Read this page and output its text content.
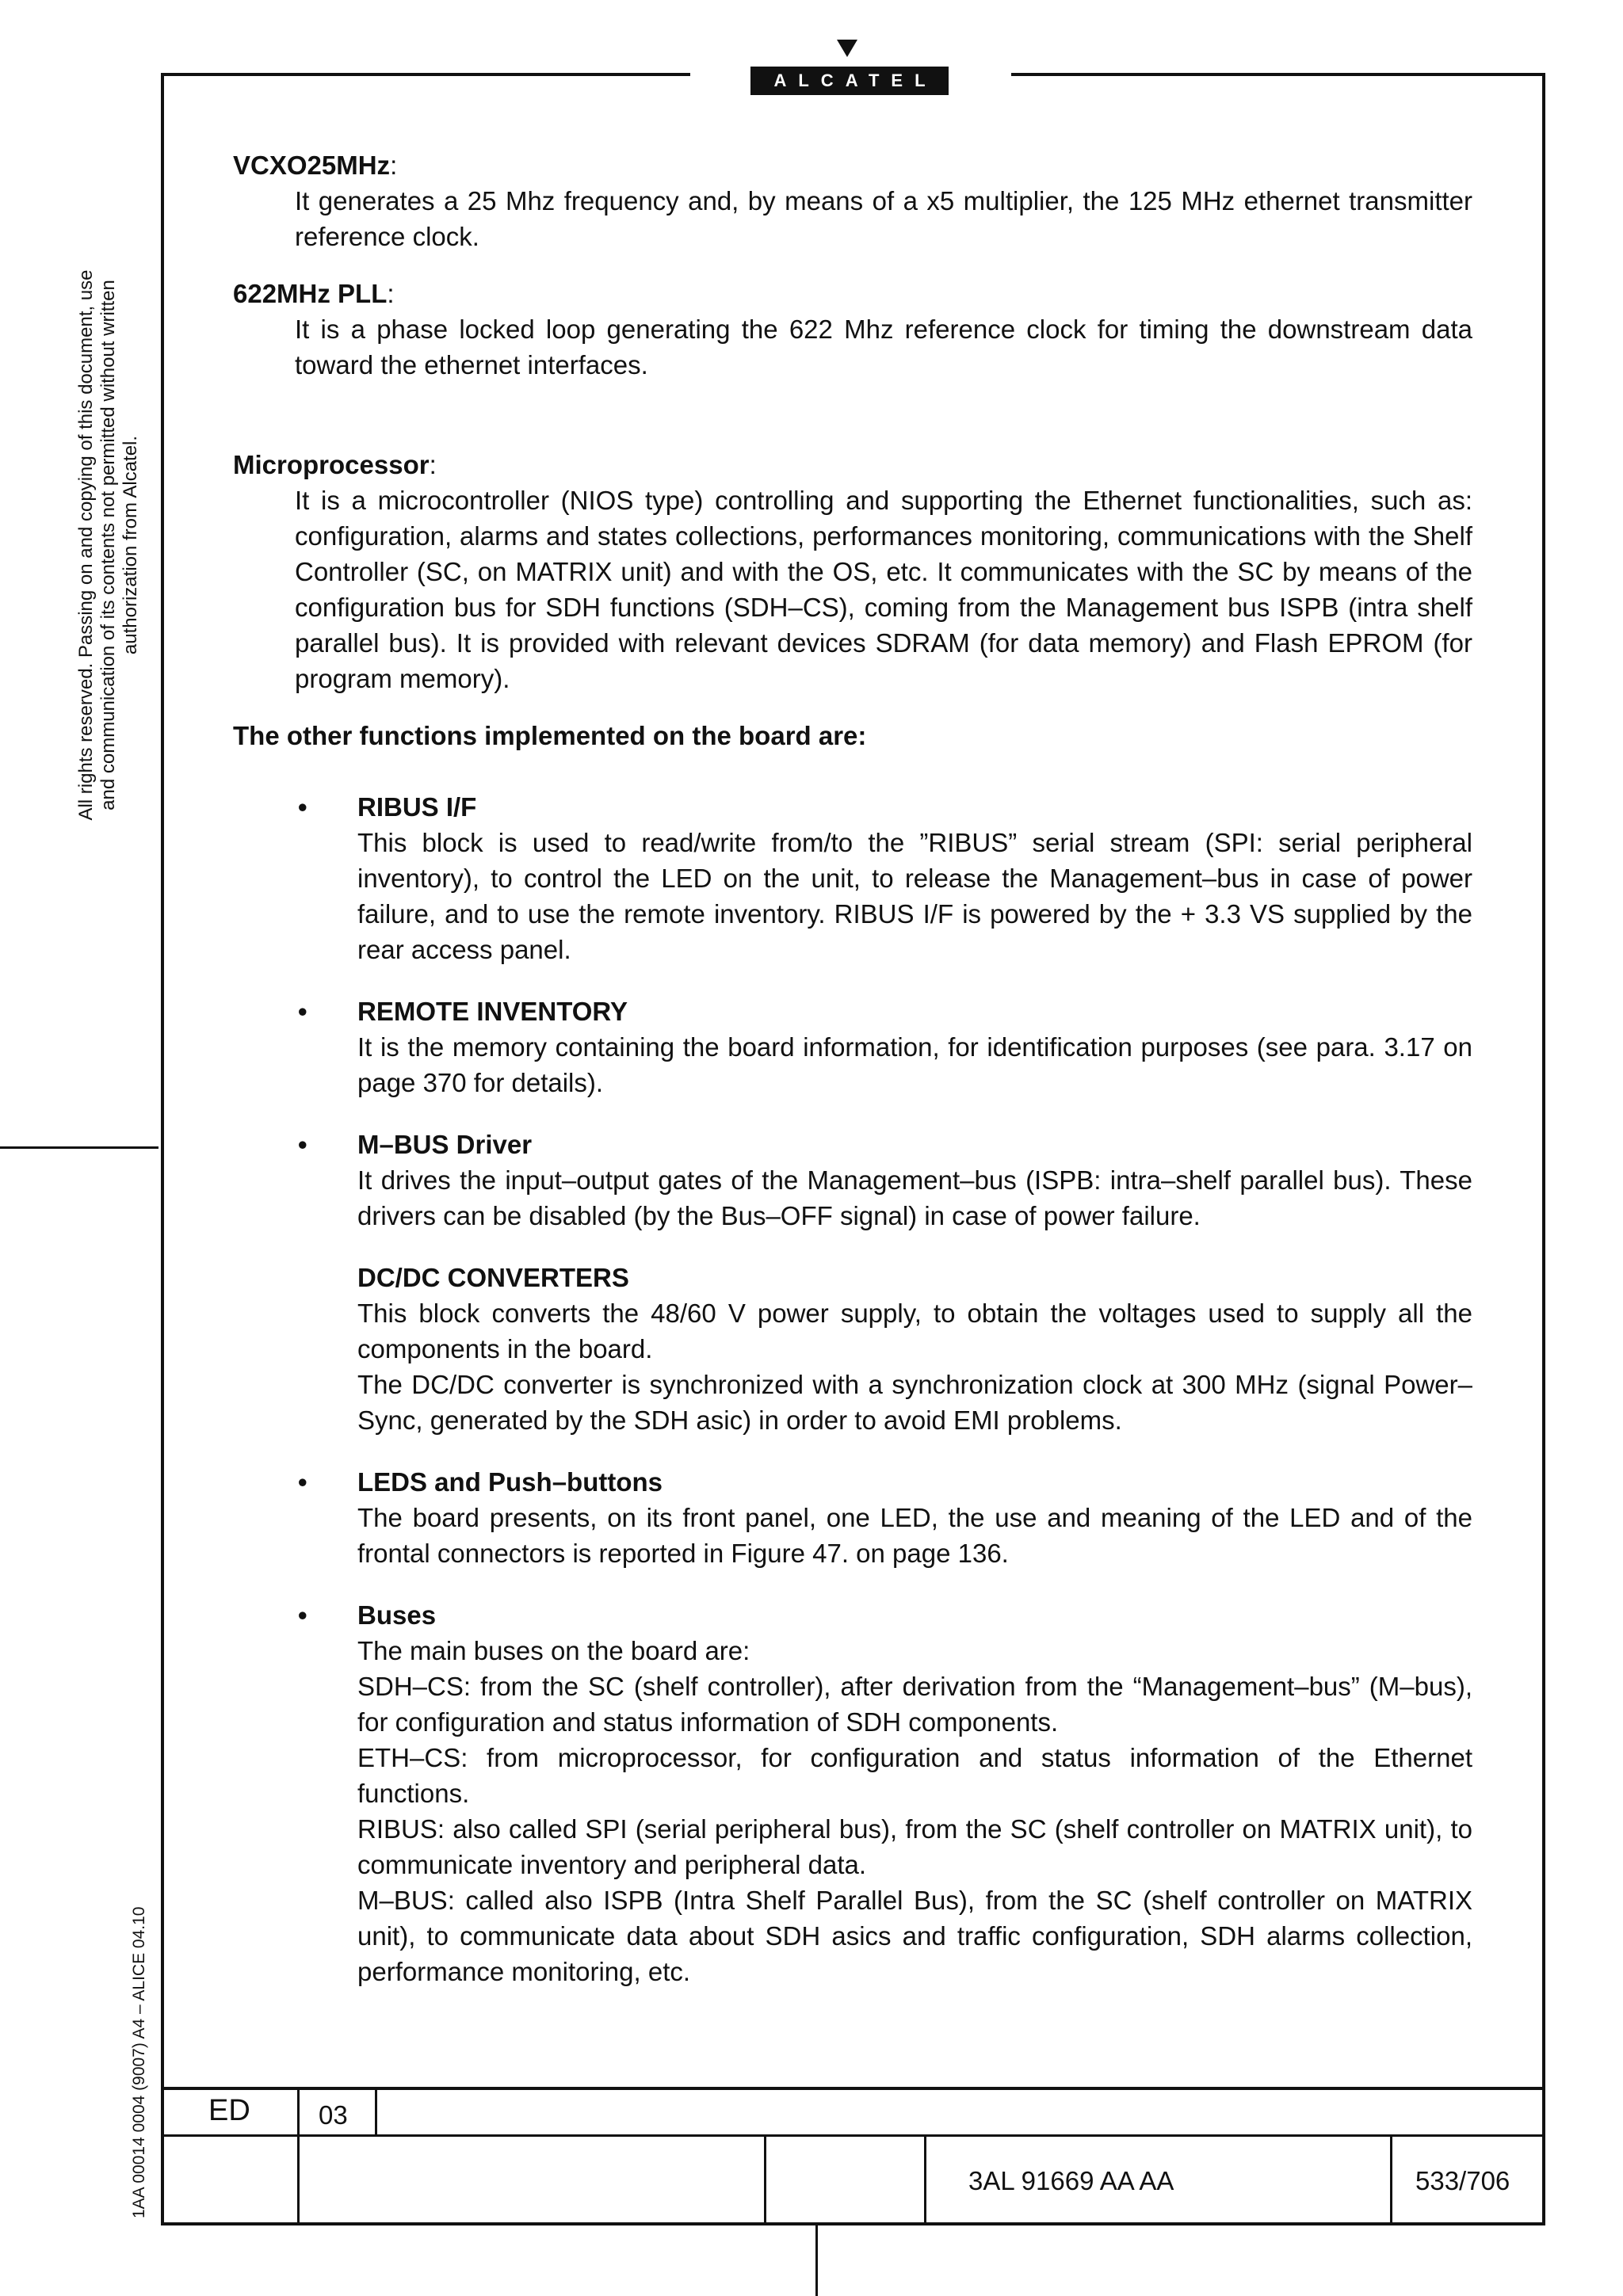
ALCATEL
All rights reserved. Passing on and copying of this document, use and communication of its contents not permitted without written authorization from Alcatel.
1AA 00014 0004 (9007) A4 – ALICE 04.10
VCXO25MHz:
It generates a 25 Mhz frequency and, by means of a x5 multiplier, the 125 MHz ethernet transmitter reference clock.
622MHz PLL:
It is a phase locked loop generating the 622 Mhz reference clock for timing the downstream data toward the ethernet interfaces.
Microprocessor:
It is a microcontroller (NIOS type) controlling and supporting the Ethernet functionalities, such as: configuration, alarms and states collections, performances monitoring, communications with the Shelf Controller (SC, on MATRIX unit) and with the OS, etc. It communicates with the SC by means of the configuration bus for SDH functions (SDH–CS), coming from the Management bus ISPB (intra shelf parallel bus). It is provided with relevant devices SDRAM (for data memory) and Flash EPROM (for program memory).
The other functions implemented on the board are:
• RIBUS I/F
This block is used to read/write from/to the ”RIBUS” serial stream (SPI: serial peripheral inventory), to control the LED on the unit, to release the Management–bus in case of power failure, and to use the remote inventory. RIBUS I/F is powered by the + 3.3 VS supplied by the rear access panel.
• REMOTE INVENTORY
It is the memory containing the board information, for identification purposes (see para. 3.17 on page 370 for details).
• M–BUS Driver
It drives the input–output gates of the Management–bus (ISPB: intra–shelf parallel bus). These drivers can be disabled (by the Bus–OFF signal) in case of power failure.
DC/DC CONVERTERS
This block converts the 48/60 V power supply, to obtain the voltages used to supply all the components in the board.
The DC/DC converter is synchronized with a synchronization clock at 300 MHz (signal Power–Sync, generated by the SDH asic) in order to avoid EMI problems.
• LEDS and Push–buttons
The board presents, on its front panel, one LED, the use and meaning of the LED and of the frontal connectors is reported in Figure 47. on page 136.
• Buses
The main buses on the board are:
SDH–CS: from the SC (shelf controller), after derivation from the “Management–bus” (M–bus), for configuration and status information of SDH components.
ETH–CS: from microprocessor, for configuration and status information of the Ethernet functions.
RIBUS: also called SPI (serial peripheral bus), from the SC (shelf controller on MATRIX unit), to communicate inventory and peripheral data.
M–BUS: called also ISPB (Intra Shelf Parallel Bus), from the SC (shelf controller on MATRIX unit), to communicate data about SDH asics and traffic configuration, SDH alarms collection, performance monitoring, etc.
ED	03
3AL 91669 AA AA	533/706
